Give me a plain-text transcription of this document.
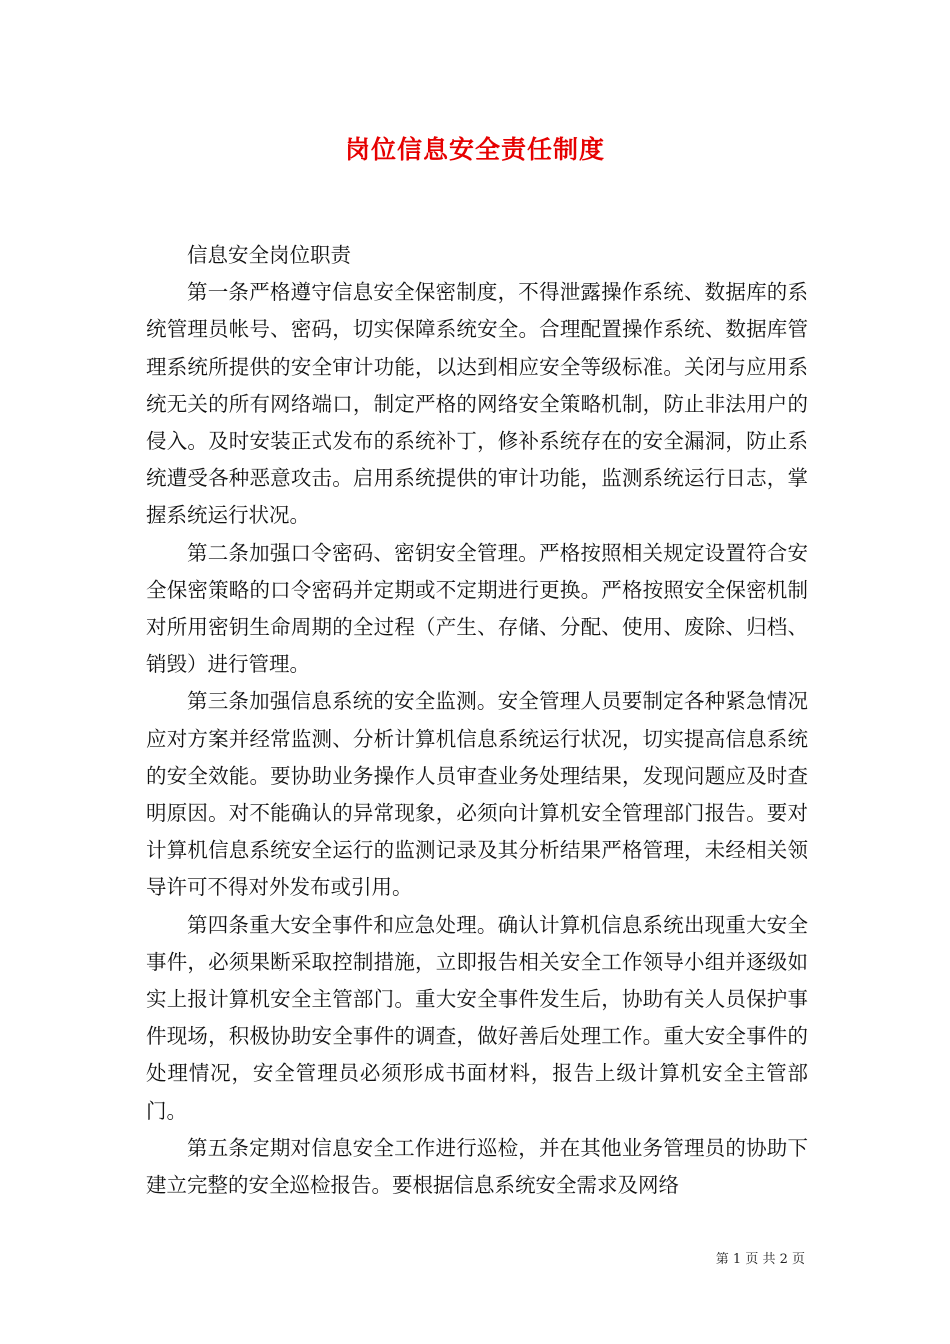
岗位信息安全责任制度

信息安全岗位职责

第一条严格遵守信息安全保密制度，不得泄露操作系统、数据库的系统管理员帐号、密码，切实保障系统安全。合理配置操作系统、数据库管理系统所提供的安全审计功能，以达到相应安全等级标准。关闭与应用系统无关的所有网络端口，制定严格的网络安全策略机制，防止非法用户的侵入。及时安装正式发布的系统补丁，修补系统存在的安全漏洞，防止系统遭受各种恶意攻击。启用系统提供的审计功能，监测系统运行日志，掌握系统运行状况。

第二条加强口令密码、密钥安全管理。严格按照相关规定设置符合安全保密策略的口令密码并定期或不定期进行更换。严格按照安全保密机制对所用密钥生命周期的全过程（产生、存储、分配、使用、废除、归档、销毁）进行管理。

第三条加强信息系统的安全监测。安全管理人员要制定各种紧急情况应对方案并经常监测、分析计算机信息系统运行状况，切实提高信息系统的安全效能。要协助业务操作人员审查业务处理结果，发现问题应及时查明原因。对不能确认的异常现象，必须向计算机安全管理部门报告。要对计算机信息系统安全运行的监测记录及其分析结果严格管理，未经相关领导许可不得对外发布或引用。

第四条重大安全事件和应急处理。确认计算机信息系统出现重大安全事件，必须果断采取控制措施，立即报告相关安全工作领导小组并逐级如实上报计算机安全主管部门。重大安全事件发生后，协助有关人员保护事件现场，积极协助安全事件的调查，做好善后处理工作。重大安全事件的处理情况，安全管理员必须形成书面材料，报告上级计算机安全主管部门。

第五条定期对信息安全工作进行巡检，并在其他业务管理员的协助下建立完整的安全巡检报告。要根据信息系统安全需求及网络

第 1 页 共 2 页
